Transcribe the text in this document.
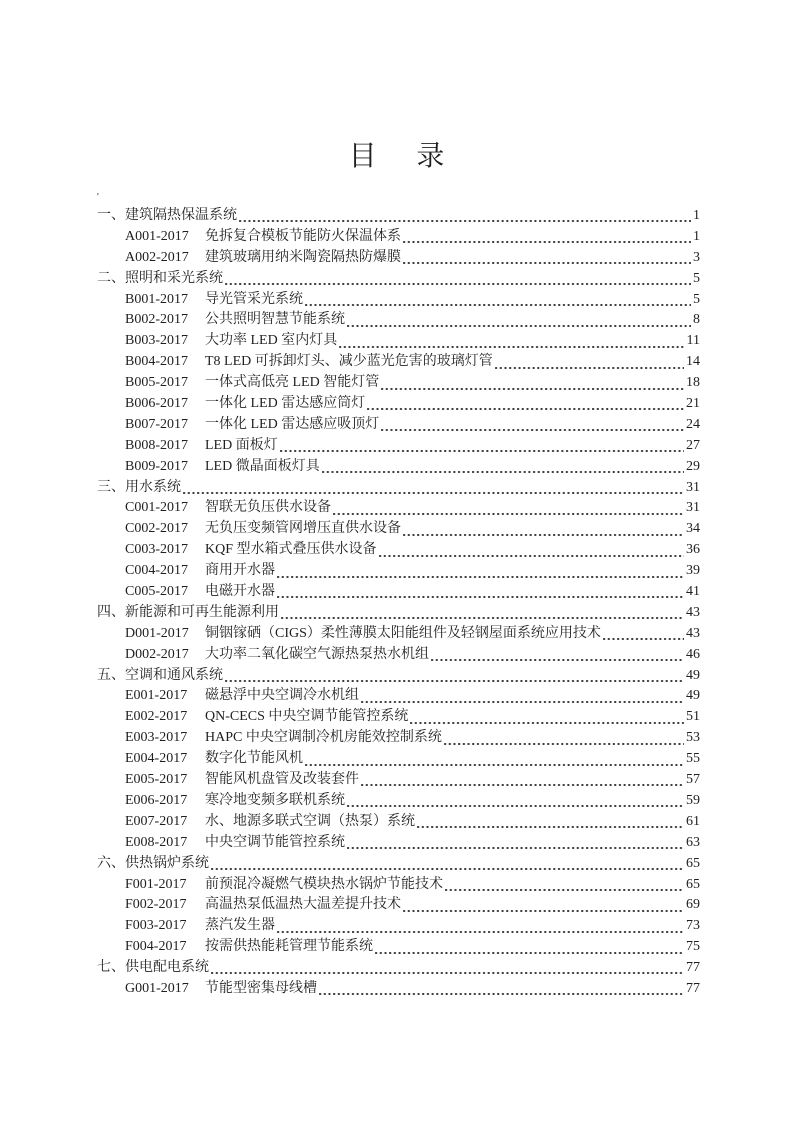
目 录
'
一、建筑隔热保温系统	1
A001-2017	免拆复合模板节能防火保温体系	1
A002-2017	建筑玻璃用纳米陶瓷隔热防爆膜	3
二、照明和采光系统	5
B001-2017	导光管采光系统	5
B002-2017	公共照明智慧节能系统	8
B003-2017	大功率 LED 室内灯具	11
B004-2017	T8 LED 可拆卸灯头、减少蓝光危害的玻璃灯管	14
B005-2017	一体式高低亮 LED 智能灯管	18
B006-2017	一体化 LED 雷达感应筒灯	21
B007-2017	一体化 LED 雷达感应吸顶灯	24
B008-2017	LED 面板灯	27
B009-2017	LED 微晶面板灯具	29
三、用水系统	31
C001-2017	智联无负压供水设备	31
C002-2017	无负压变频管网增压直供水设备	34
C003-2017	KQF 型水箱式叠压供水设备	36
C004-2017	商用开水器	39
C005-2017	电磁开水器	41
四、新能源和可再生能源利用	43
D001-2017	铜铟镓硒（CIGS）柔性薄膜太阳能组件及轻钢屋面系统应用技术	43
D002-2017	大功率二氧化碳空气源热泵热水机组	46
五、空调和通风系统	49
E001-2017	磁悬浮中央空调冷水机组	49
E002-2017	QN-CECS 中央空调节能管控系统	51
E003-2017	HAPC 中央空调制冷机房能效控制系统	53
E004-2017	数字化节能风机	55
E005-2017	智能风机盘管及改装套件	57
E006-2017	寒冷地变频多联机系统	59
E007-2017	水、地源多联式空调（热泵）系统	61
E008-2017	中央空调节能管控系统	63
六、供热锅炉系统	65
F001-2017	前预混冷凝燃气模块热水锅炉节能技术	65
F002-2017	高温热泵低温热大温差提升技术	69
F003-2017	蒸汽发生器	73
F004-2017	按需供热能耗管理节能系统	75
七、供电配电系统	77
G001-2017	节能型密集母线槽	77
